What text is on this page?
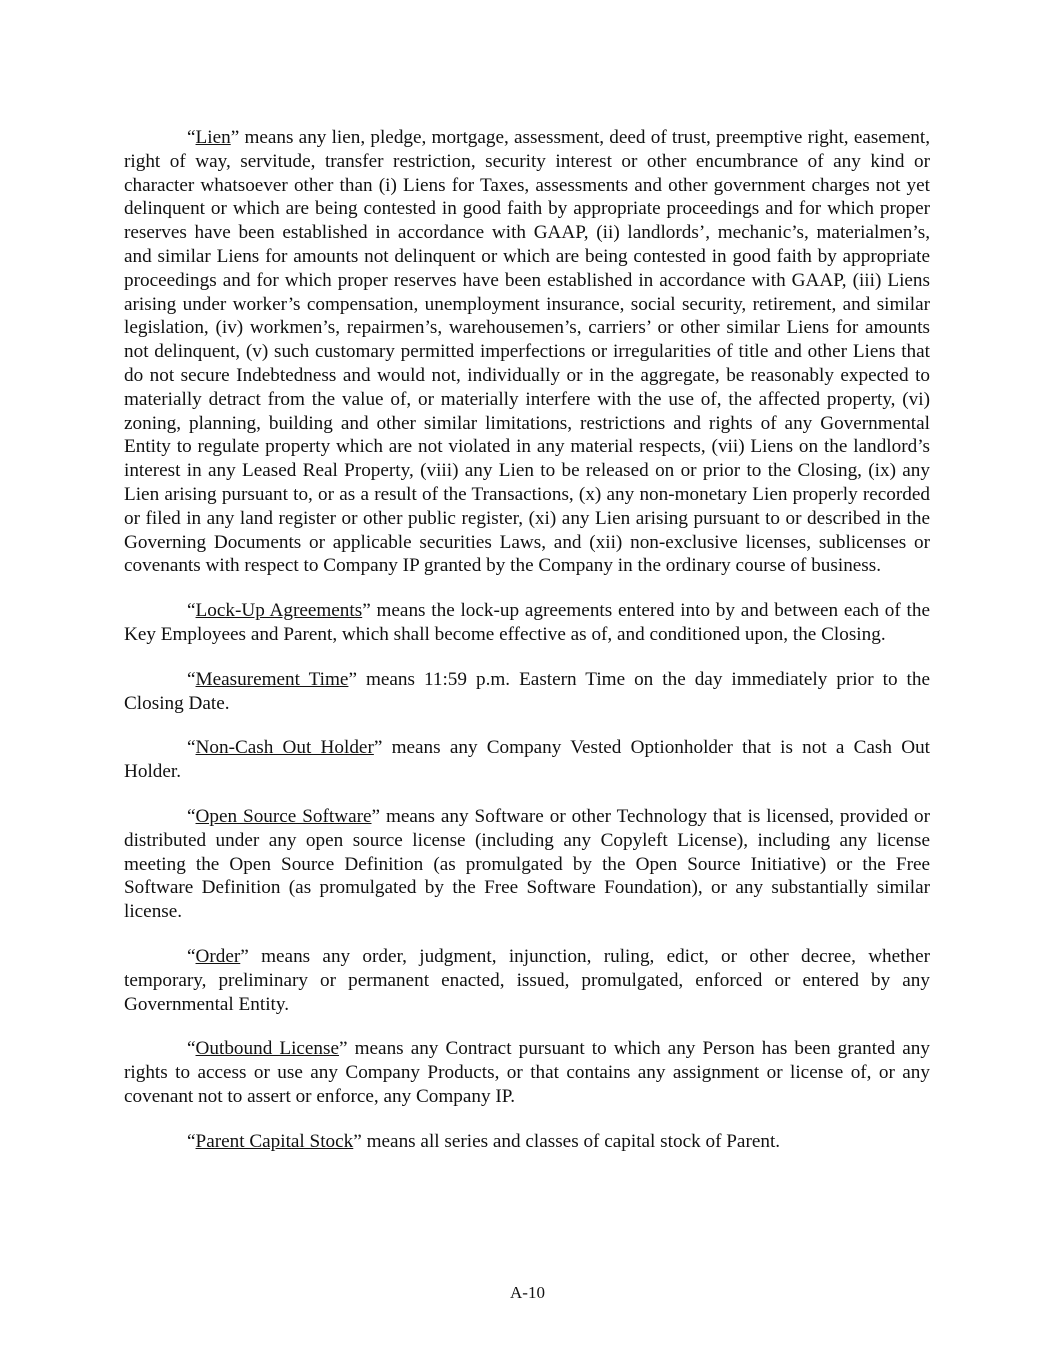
“Lien” means any lien, pledge, mortgage, assessment, deed of trust, preemptive right, easement, right of way, servitude, transfer restriction, security interest or other encumbrance of any kind or character whatsoever other than (i) Liens for Taxes, assessments and other government charges not yet delinquent or which are being contested in good faith by appropriate proceedings and for which proper reserves have been established in accordance with GAAP, (ii) landlords’, mechanic’s, materialmen’s, and similar Liens for amounts not delinquent or which are being contested in good faith by appropriate proceedings and for which proper reserves have been established in accordance with GAAP, (iii) Liens arising under worker’s compensation, unemployment insurance, social security, retirement, and similar legislation, (iv) workmen’s, repairmen’s, warehousemen’s, carriers’ or other similar Liens for amounts not delinquent, (v) such customary permitted imperfections or irregularities of title and other Liens that do not secure Indebtedness and would not, individually or in the aggregate, be reasonably expected to materially detract from the value of, or materially interfere with the use of, the affected property, (vi) zoning, planning, building and other similar limitations, restrictions and rights of any Governmental Entity to regulate property which are not violated in any material respects, (vii) Liens on the landlord’s interest in any Leased Real Property, (viii) any Lien to be released on or prior to the Closing, (ix) any Lien arising pursuant to, or as a result of the Transactions, (x) any non-monetary Lien properly recorded or filed in any land register or other public register, (xi) any Lien arising pursuant to or described in the Governing Documents or applicable securities Laws, and (xii) non-exclusive licenses, sublicenses or covenants with respect to Company IP granted by the Company in the ordinary course of business.

“Lock-Up Agreements” means the lock-up agreements entered into by and between each of the Key Employees and Parent, which shall become effective as of, and conditioned upon, the Closing.

“Measurement Time” means 11:59 p.m. Eastern Time on the day immediately prior to the Closing Date.

“Non-Cash Out Holder” means any Company Vested Optionholder that is not a Cash Out Holder.

“Open Source Software” means any Software or other Technology that is licensed, provided or distributed under any open source license (including any Copyleft License), including any license meeting the Open Source Definition (as promulgated by the Open Source Initiative) or the Free Software Definition (as promulgated by the Free Software Foundation), or any substantially similar license.

“Order” means any order, judgment, injunction, ruling, edict, or other decree, whether temporary, preliminary or permanent enacted, issued, promulgated, enforced or entered by any Governmental Entity.

“Outbound License” means any Contract pursuant to which any Person has been granted any rights to access or use any Company Products, or that contains any assignment or license of, or any covenant not to assert or enforce, any Company IP.

“Parent Capital Stock” means all series and classes of capital stock of Parent.

A-10
